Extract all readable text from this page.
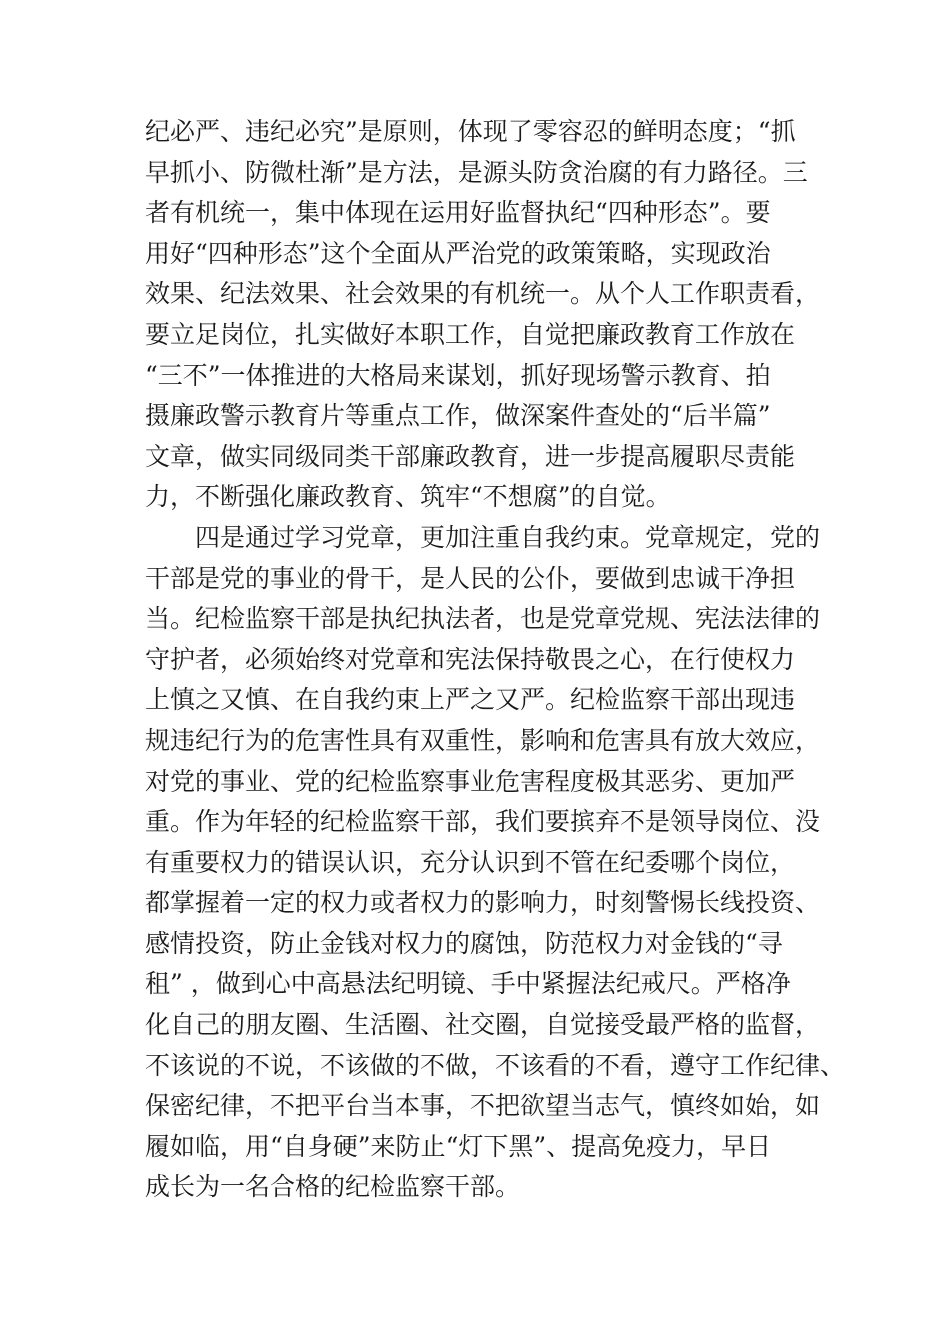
纪必严、违纪必究”是原则，体现了零容忍的鲜明态度；“抓
早抓小、防微杜渐”是方法，是源头防贪治腐的有力路径。三
者有机统一，集中体现在运用好监督执纪“四种形态”。要
用好“四种形态”这个全面从严治党的政策策略，实现政治
效果、纪法效果、社会效果的有机统一。从个人工作职责看，
要立足岗位，扎实做好本职工作，自觉把廉政教育工作放在
“三不”一体推进的大格局来谋划，抓好现场警示教育、拍
摄廉政警示教育片等重点工作，做深案件查处的“后半篇”
文章，做实同级同类干部廉政教育，进一步提高履职尽责能
力，不断强化廉政教育、筑牢“不想腐”的自觉。
四是通过学习党章，更加注重自我约束。党章规定，党的
干部是党的事业的骨干，是人民的公仆，要做到忠诚干净担
当。纪检监察干部是执纪执法者，也是党章党规、宪法法律的
守护者，必须始终对党章和宪法保持敬畏之心，在行使权力
上慎之又慎、在自我约束上严之又严。纪检监察干部出现违
规违纪行为的危害性具有双重性，影响和危害具有放大效应，
对党的事业、党的纪检监察事业危害程度极其恶劣、更加严
重。作为年轻的纪检监察干部，我们要摈弃不是领导岗位、没
有重要权力的错误认识，充分认识到不管在纪委哪个岗位，
都掌握着一定的权力或者权力的影响力，时刻警惕长线投资、
感情投资，防止金钱对权力的腐蚀，防范权力对金钱的“寻
租” ，做到心中高悬法纪明镜、手中紧握法纪戒尺。严格净
化自己的朋友圈、生活圈、社交圈，自觉接受最严格的监督，
不该说的不说，不该做的不做，不该看的不看，遵守工作纪律、
保密纪律，不把平台当本事，不把欲望当志气，慎终如始，如
履如临，用“自身硬”来防止“灯下黑”、提高免疫力，早日
成长为一名合格的纪检监察干部。
